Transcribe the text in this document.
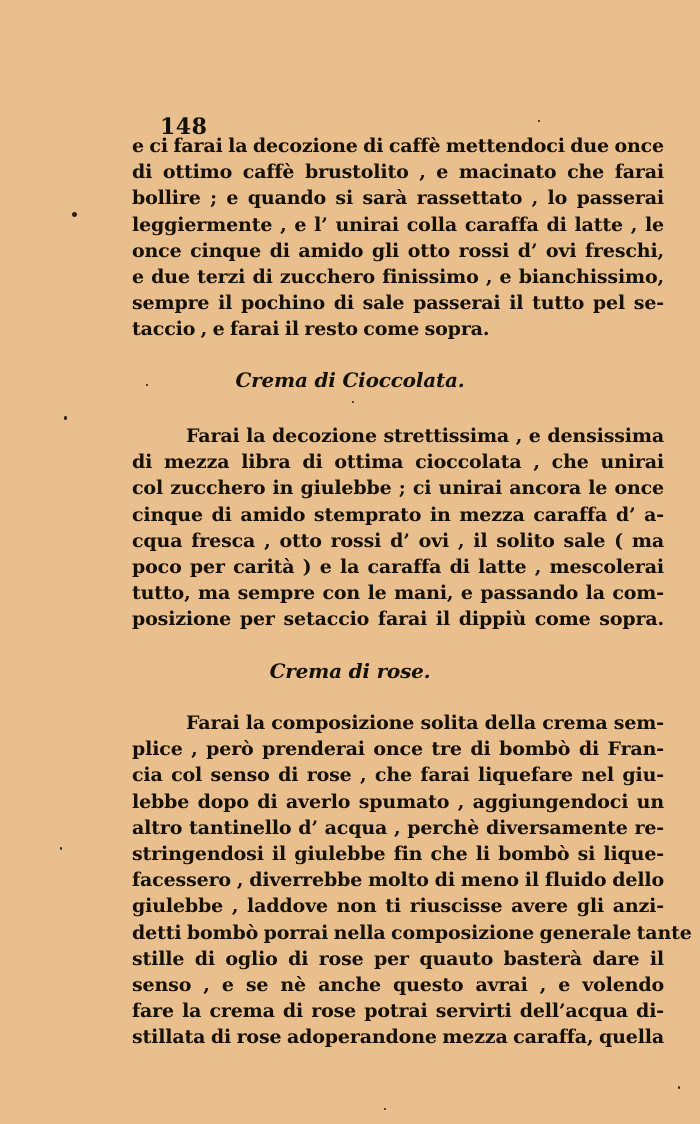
148
e ci farai la decozione di caffè mettendoci due once
di ottimo caffè brustolito , e macinato che farai
bollire ; e quando si sarà rassettato , lo passerai
leggiermente , e l’ unirai colla caraffa di latte , le
once cinque di amido gli otto rossi d’ ovi freschi,
e due terzi di zucchero finissimo , e bianchissimo,
sempre il pochino di sale passerai il tutto pel se-
taccio , e farai il resto come sopra.
Crema di Cioccolata.
Farai la decozione strettissima , e densissima
di mezza libra di ottima cioccolata , che unirai
col zucchero in giulebbe ; ci unirai ancora le once
cinque di amido stemprato in mezza caraffa d’ a-
cqua fresca , otto rossi d’ ovi , il solito sale ( ma
poco per carità ) e la caraffa di latte , mescolerai
tutto, ma sempre con le mani, e passando la com-
posizione per setaccio farai il dippiù come sopra.
Crema di rose.
Farai la composizione solita della crema sem-
plice , però prenderai once tre di bombò di Fran-
cia col senso di rose , che farai liquefare nel giu-
lebbe dopo di averlo spumato , aggiungendoci un
altro tantinello d’ acqua , perchè diversamente re-
stringendosi il giulebbe fin che li bombò si lique-
facessero , diverrebbe molto di meno il fluido dello
giulebbe , laddove non ti riuscisse avere gli anzi-
detti bombò porrai nella composizione generale tante
stille di oglio di rose per quauto basterà dare il
senso , e se nè anche questo avrai , e volendo
fare la crema di rose potrai servirti dell’acqua di-
stillata di rose adoperandone mezza caraffa, quella
